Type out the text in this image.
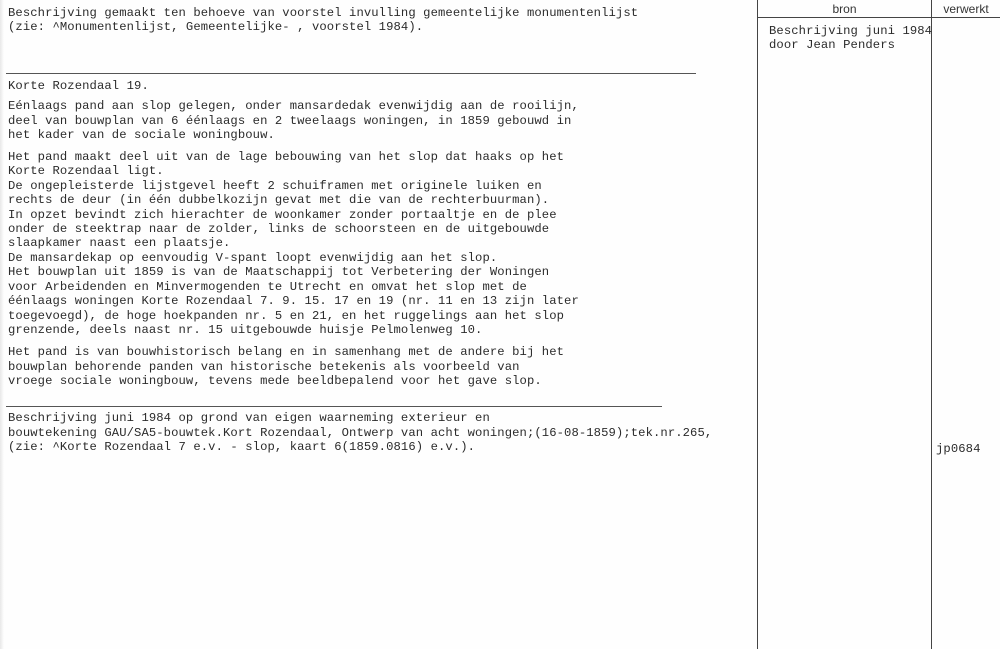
Beschrijving gemaakt ten behoeve van voorstel invulling gemeentelijke monumentenlijst
(zie: ^Monumentenlijst, Gemeentelijke- , voorstel 1984).
bron	verwerkt
Beschrijving juni 1984
door Jean Penders
Korte Rozendaal 19.
Eénlaags pand aan slop gelegen, onder mansardedak evenwijdig aan de rooilijn,
deel van bouwplan van 6 éénlaags en 2 tweelaags woningen, in 1859 gebouwd in
het kader van de sociale woningbouw.
Het pand maakt deel uit van de lage bebouwing van het slop dat haaks op het
Korte Rozendaal ligt.
De ongepleisterde lijstgevel heeft 2 schuiframen met originele luiken en
rechts de deur (in één dubbelkozijn gevat met die van de rechterbuurman).
In opzet bevindt zich hierachter de woonkamer zonder portaaltje en de plee
onder de steektrap naar de zolder, links de schoorsteen en de uitgebouwde
slaapkamer naast een plaatsje.
De mansardekap op eenvoudig V-spant loopt evenwijdig aan het slop.
Het bouwplan uit 1859 is van de Maatschappij tot Verbetering der Woningen
voor Arbeidenden en Minvermogenden te Utrecht en omvat het slop met de
éénlaags woningen Korte Rozendaal 7. 9. 15. 17 en 19 (nr. 11 en 13 zijn later
toegevoegd), de hoge hoekpanden nr. 5 en 21, en het ruggelings aan het slop
grenzende, deels naast nr. 15 uitgebouwde huisje Pelmolenweg 10.
Het pand is van bouwhistorisch belang en in samenhang met de andere bij het
bouwplan behorende panden van historische betekenis als voorbeeld van
vroege sociale woningbouw, tevens mede beeldbepalend voor het gave slop.
Beschrijving juni 1984 op grond van eigen waarneming exterieur en
bouwtekening GAU/SA5-bouwtek.Kort Rozendaal, Ontwerp van acht woningen;(16-08-1859);tek.nr.265,
(zie: ^Korte Rozendaal 7 e.v. - slop, kaart 6(1859.0816) e.v.).	jp0684
